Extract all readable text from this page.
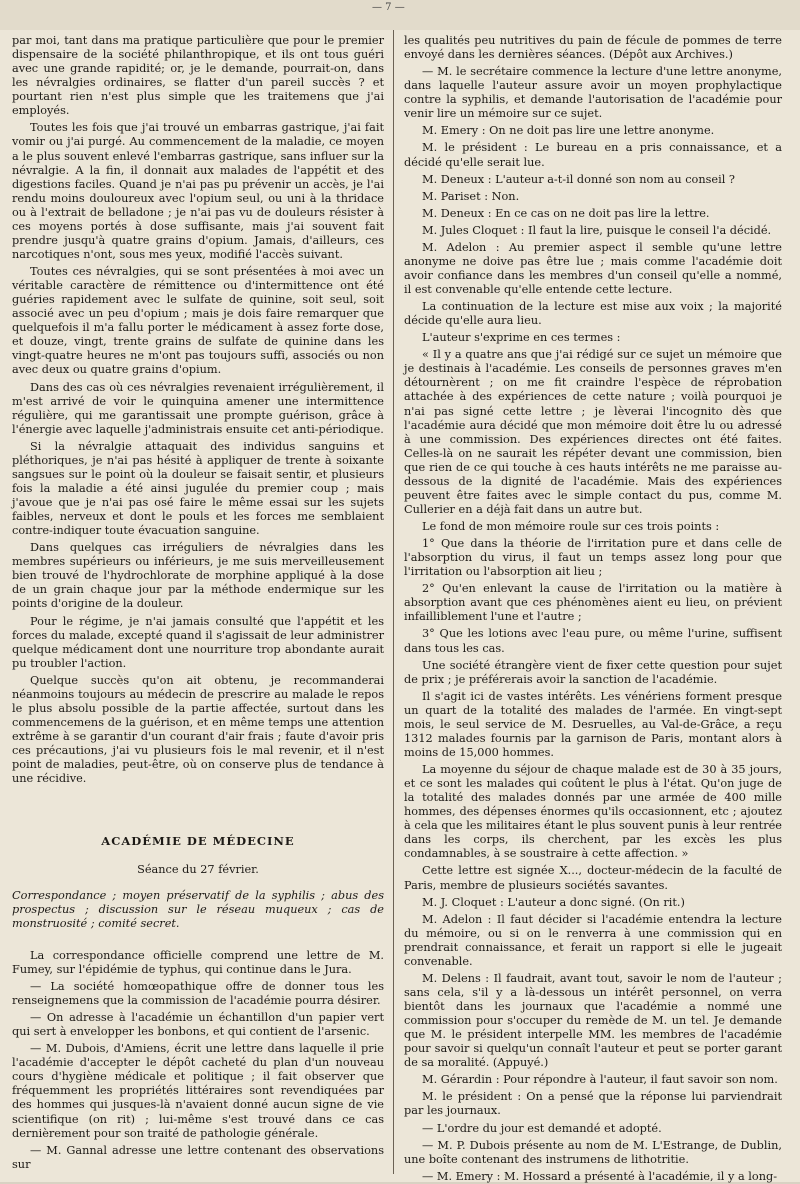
— 7 —

par moi, tant dans ma pratique particulière que pour le premier dispensaire de la société philanthropique, et ils ont tous guéri avec une grande rapidité; or, je le demande, pourrait-on, dans les névralgies ordinaires, se flatter d'un pareil succès ? et pourtant rien n'est plus simple que les traitemens que j'ai employés.

Toutes les fois que j'ai trouvé un embarras gastrique, j'ai fait vomir ou j'ai purgé. Au commencement de la maladie, ce moyen a le plus souvent enlevé l'embarras gastrique, sans influer sur la névralgie. A la fin, il donnait aux malades de l'appétit et des digestions faciles. Quand je n'ai pas pu prévenir un accès, je l'ai rendu moins douloureux avec l'opium seul, ou uni à la thridace ou à l'extrait de belladone ; je n'ai pas vu de douleurs résister à ces moyens portés à dose suffisante, mais j'ai souvent fait prendre jusqu'à quatre grains d'opium. Jamais, d'ailleurs, ces narcotiques n'ont, sous mes yeux, modifié l'accès suivant.

Toutes ces névralgies, qui se sont présentées à moi avec un véritable caractère de rémittence ou d'intermittence ont été guéries rapidement avec le sulfate de quinine, soit seul, soit associé avec un peu d'opium ; mais je dois faire remarquer que quelquefois il m'a fallu porter le médicament à assez forte dose, et douze, vingt, trente grains de sulfate de quinine dans les vingt-quatre heures ne m'ont pas toujours suffi, associés ou non avec deux ou quatre grains d'opium.

Dans des cas où ces névralgies revenaient irrégulièrement, il m'est arrivé de voir le quinquina amener une intermittence régulière, qui me garantissait une prompte guérison, grâce à l'énergie avec laquelle j'administrais ensuite cet anti-périodique.

Si la névralgie attaquait des individus sanguins et pléthoriques, je n'ai pas hésité à appliquer de trente à soixante sangsues sur le point où la douleur se faisait sentir, et plusieurs fois la maladie a été ainsi jugulée du premier coup ; mais j'avoue que je n'ai pas osé faire le même essai sur les sujets faibles, nerveux et dont le pouls et les forces me semblaient contre-indiquer toute évacuation sanguine.

Dans quelques cas irréguliers de névralgies dans les membres supérieurs ou inférieurs, je me suis merveilleusement bien trouvé de l'hydrochlorate de morphine appliqué à la dose de un grain chaque jour par la méthode endermique sur les points d'origine de la douleur.

Pour le régime, je n'ai jamais consulté que l'appétit et les forces du malade, excepté quand il s'agissait de leur administrer quelque médicament dont une nourriture trop abondante aurait pu troubler l'action.

Quelque succès qu'on ait obtenu, je recommanderai néanmoins toujours au médecin de prescrire au malade le repos le plus absolu possible de la partie affectée, surtout dans les commencemens de la guérison, et en même temps une attention extrême à se garantir d'un courant d'air frais ; faute d'avoir pris ces précautions, j'ai vu plusieurs fois le mal revenir, et il n'est point de maladies, peut-être, où on conserve plus de tendance à une récidive.

ACADÉMIE DE MÉDECINE

Séance du 27 février.

Correspondance ; moyen préservatif de la syphilis ; abus des prospectus ; discussion sur le réseau muqueux ; cas de monstruosité ; comité secret.

La correspondance officielle comprend une lettre de M. Fumey, sur l'épidémie de typhus, qui continue dans le Jura.

— La société homœopathique offre de donner tous les renseignemens que la commission de l'académie pourra désirer.

— On adresse à l'académie un échantillon d'un papier vert qui sert à envelopper les bonbons, et qui contient de l'arsenic.

— M. Dubois, d'Amiens, écrit une lettre dans laquelle il prie l'académie d'accepter le dépôt cacheté du plan d'un nouveau cours d'hygiène médicale et politique ; il fait observer que fréquemment les propriétés littéraires sont revendiquées par des hommes qui jusques-là n'avaient donné aucun signe de vie scientifique (on rit) ; lui-même s'est trouvé dans ce cas dernièrement pour son traité de pathologie générale.

— M. Gannal adresse une lettre contenant des observations sur

les qualités peu nutritives du pain de fécule de pommes de terre envoyé dans les dernières séances. (Dépôt aux Archives.)

— M. le secrétaire commence la lecture d'une lettre anonyme, dans laquelle l'auteur assure avoir un moyen prophylactique contre la syphilis, et demande l'autorisation de l'académie pour venir lire un mémoire sur ce sujet.

M. Emery : On ne doit pas lire une lettre anonyme.

M. le président : Le bureau en a pris connaissance, et a décidé qu'elle serait lue.

M. Deneux : L'auteur a-t-il donné son nom au conseil ?

M. Pariset : Non.

M. Deneux : En ce cas on ne doit pas lire la lettre.

M. Jules Cloquet : Il faut la lire, puisque le conseil l'a décidé.

M. Adelon : Au premier aspect il semble qu'une lettre anonyme ne doive pas être lue ; mais comme l'académie doit avoir confiance dans les membres d'un conseil qu'elle a nommé, il est convenable qu'elle entende cette lecture.

La continuation de la lecture est mise aux voix ; la majorité décide qu'elle aura lieu.

L'auteur s'exprime en ces termes :

« Il y a quatre ans que j'ai rédigé sur ce sujet un mémoire que je destinais à l'académie. Les conseils de personnes graves m'en détournèrent ; on me fit craindre l'espèce de réprobation attachée à des expériences de cette nature ; voilà pourquoi je n'ai pas signé cette lettre ; je lèverai l'incognito dès que l'académie aura décidé que mon mémoire doit être lu ou adressé à une commission. Des expériences directes ont été faites. Celles-là on ne saurait les répéter devant une commission, bien que rien de ce qui touche à ces hauts intérêts ne me paraisse au-dessous de la dignité de l'académie. Mais des expériences peuvent être faites avec le simple contact du pus, comme M. Cullerier en a déjà fait dans un autre but.

Le fond de mon mémoire roule sur ces trois points :

1° Que dans la théorie de l'irritation pure et dans celle de l'absorption du virus, il faut un temps assez long pour que l'irritation ou l'absorption ait lieu ;

2° Qu'en enlevant la cause de l'irritation ou la matière à absorption avant que ces phénomènes aient eu lieu, on prévient infailliblement l'une et l'autre ;

3° Que les lotions avec l'eau pure, ou même l'urine, suffisent dans tous les cas.

Une société étrangère vient de fixer cette question pour sujet de prix ; je préférerais avoir la sanction de l'académie.

Il s'agit ici de vastes intérêts. Les vénériens forment presque un quart de la totalité des malades de l'armée. En vingt-sept mois, le seul service de M. Desruelles, au Val-de-Grâce, a reçu 1312 malades fournis par la garnison de Paris, montant alors à moins de 15,000 hommes.

La moyenne du séjour de chaque malade est de 30 à 35 jours, et ce sont les malades qui coûtent le plus à l'état. Qu'on juge de la totalité des malades donnés par une armée de 400 mille hommes, des dépenses énormes qu'ils occasionnent, etc ; ajoutez à cela que les militaires étant le plus souvent punis à leur rentrée dans les corps, ils cherchent, par les excès les plus condamnables, à se soustraire à cette affection. »

Cette lettre est signée X..., docteur-médecin de la faculté de Paris, membre de plusieurs sociétés savantes.

M. J. Cloquet : L'auteur a donc signé. (On rit.)

M. Adelon : Il faut décider si l'académie entendra la lecture du mémoire, ou si on le renverra à une commission qui en prendrait connaissance, et ferait un rapport si elle le jugeait convenable.

M. Delens : Il faudrait, avant tout, savoir le nom de l'auteur ; sans cela, s'il y a là-dessous un intérêt personnel, on verra bientôt dans les journaux que l'académie a nommé une commission pour s'occuper du remède de M. un tel. Je demande que M. le président interpelle MM. les membres de l'académie pour savoir si quelqu'un connaît l'auteur et peut se porter garant de sa moralité. (Appuyé.)

M. Gérardin : Pour répondre à l'auteur, il faut savoir son nom.

M. le président : On a pensé que la réponse lui parviendrait par les journaux.

— L'ordre du jour est demandé et adopté.

— M. P. Dubois présente au nom de M. L'Estrange, de Dublin, une boîte contenant des instrumens de lithotritie.

— M. Emery : M. Hossard a présenté à l'académie, il y a long-
